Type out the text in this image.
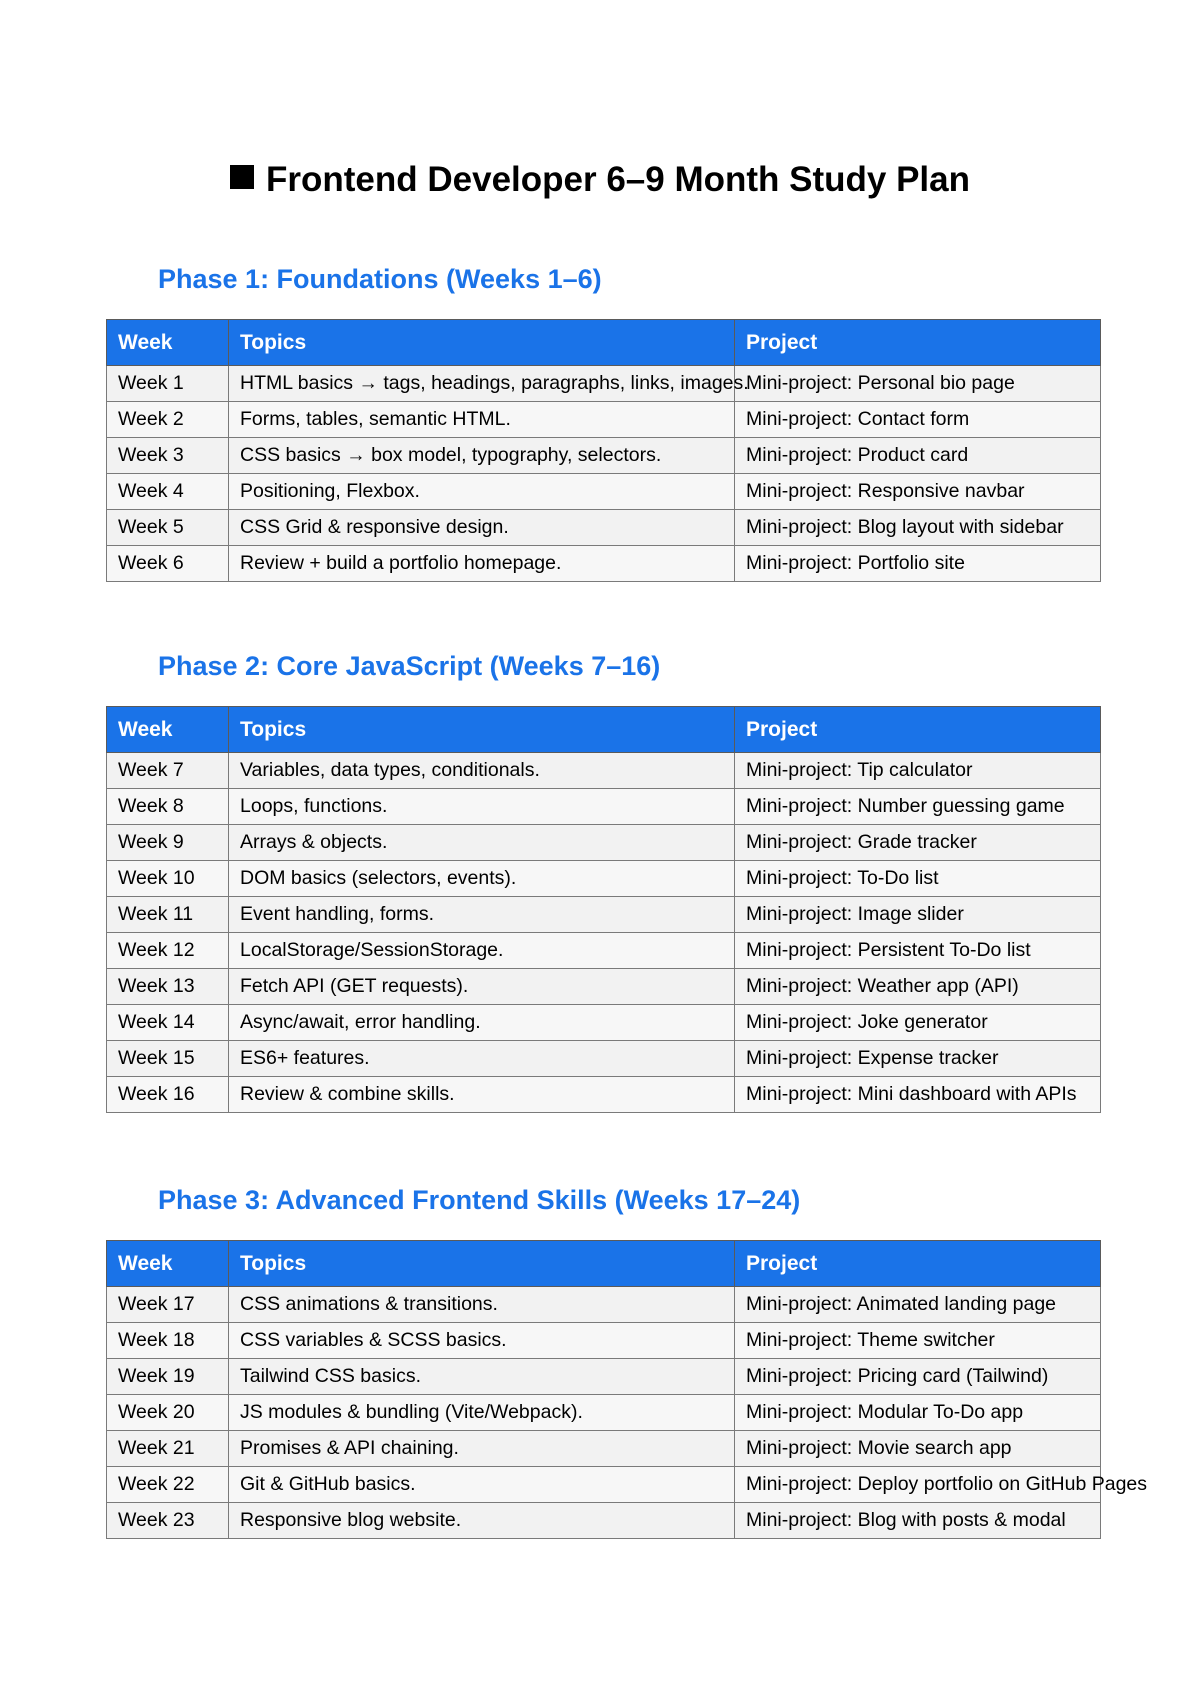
Frontend Developer 6–9 Month Study Plan
Phase 1: Foundations (Weeks 1–6)
Week	Topics	Project
Week 1	HTML basics → tags, headings, paragraphs, links, images.	Mini-project: Personal bio page
Week 2	Forms, tables, semantic HTML.	Mini-project: Contact form
Week 3	CSS basics → box model, typography, selectors.	Mini-project: Product card
Week 4	Positioning, Flexbox.	Mini-project: Responsive navbar
Week 5	CSS Grid & responsive design.	Mini-project: Blog layout with sidebar
Week 6	Review + build a portfolio homepage.	Mini-project: Portfolio site
Phase 2: Core JavaScript (Weeks 7–16)
Week	Topics	Project
Week 7	Variables, data types, conditionals.	Mini-project: Tip calculator
Week 8	Loops, functions.	Mini-project: Number guessing game
Week 9	Arrays & objects.	Mini-project: Grade tracker
Week 10	DOM basics (selectors, events).	Mini-project: To-Do list
Week 11	Event handling, forms.	Mini-project: Image slider
Week 12	LocalStorage/SessionStorage.	Mini-project: Persistent To-Do list
Week 13	Fetch API (GET requests).	Mini-project: Weather app (API)
Week 14	Async/await, error handling.	Mini-project: Joke generator
Week 15	ES6+ features.	Mini-project: Expense tracker
Week 16	Review & combine skills.	Mini-project: Mini dashboard with APIs
Phase 3: Advanced Frontend Skills (Weeks 17–24)
Week	Topics	Project
Week 17	CSS animations & transitions.	Mini-project: Animated landing page
Week 18	CSS variables & SCSS basics.	Mini-project: Theme switcher
Week 19	Tailwind CSS basics.	Mini-project: Pricing card (Tailwind)
Week 20	JS modules & bundling (Vite/Webpack).	Mini-project: Modular To-Do app
Week 21	Promises & API chaining.	Mini-project: Movie search app
Week 22	Git & GitHub basics.	Mini-project: Deploy portfolio on GitHub Pages
Week 23	Responsive blog website.	Mini-project: Blog with posts & modal
